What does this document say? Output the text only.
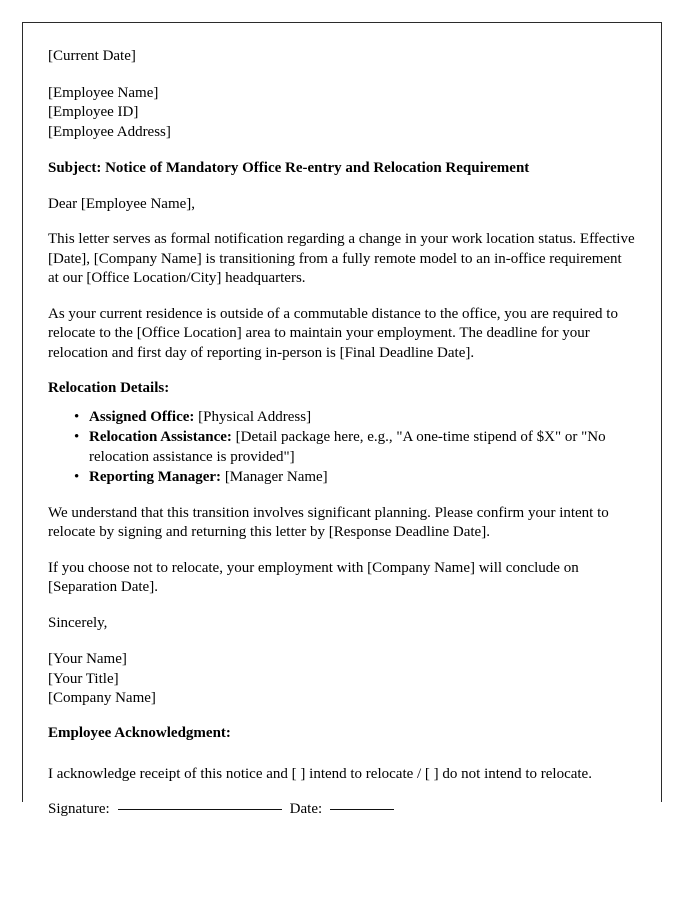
[Current Date]

[Employee Name]

[Employee ID]

[Employee Address]

Subject: Notice of Mandatory Office Re-entry and Relocation Requirement

Dear [Employee Name],

This letter serves as formal notification regarding a change in your work location status. Effective [Date], [Company Name] is transitioning from a fully remote model to an in-office requirement at our [Office Location/City] headquarters.

As your current residence is outside of a commutable distance to the office, you are required to relocate to the [Office Location] area to maintain your employment. The deadline for your relocation and first day of reporting in-person is [Final Deadline Date].

Relocation Details:

• Assigned Office: [Physical Address]
• Relocation Assistance: [Detail package here, e.g., "A one-time stipend of $X" or "No relocation assistance is provided"]
• Reporting Manager: [Manager Name]

We understand that this transition involves significant planning. Please confirm your intent to relocate by signing and returning this letter by [Response Deadline Date].

If you choose not to relocate, your employment with [Company Name] will conclude on [Separation Date].

Sincerely,

[Your Name]

[Your Title]

[Company Name]

Employee Acknowledgment:

I acknowledge receipt of this notice and [ ] intend to relocate / [ ] do not intend to relocate.

Signature:	Date:
